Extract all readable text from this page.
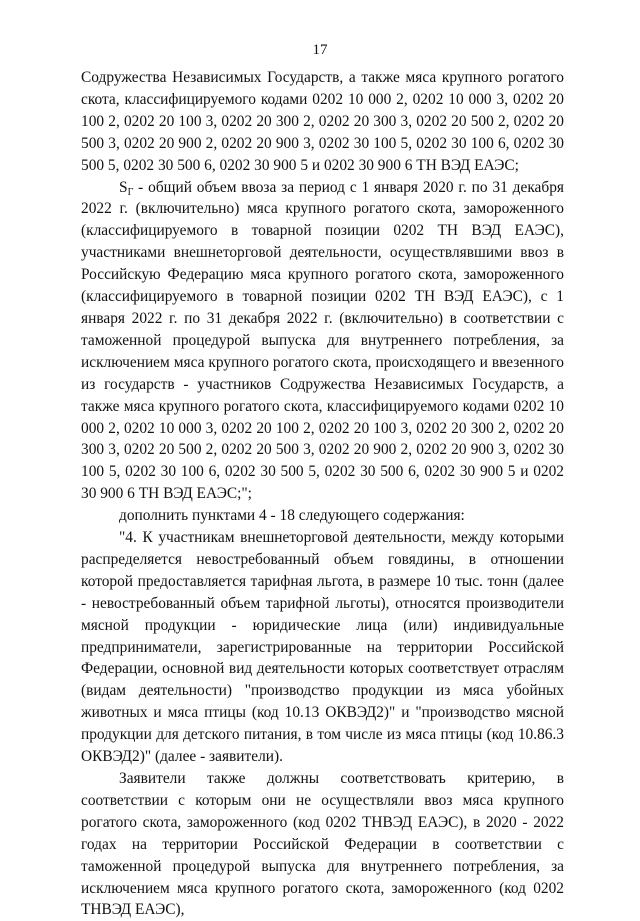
17

Содружества Независимых Государств, а также мяса крупного рогатого скота, классифицируемого кодами 0202 10 000 2, 0202 10 000 3, 0202 20 100 2, 0202 20 100 3, 0202 20 300 2, 0202 20 300 3, 0202 20 500 2, 0202 20 500 3, 0202 20 900 2, 0202 20 900 3, 0202 30 100 5, 0202 30 100 6, 0202 30 500 5, 0202 30 500 6, 0202 30 900 5 и 0202 30 900 6 ТН ВЭД ЕАЭС;

$S_Г$ - общий объем ввоза за период с 1 января 2020 г. по 31 декабря 2022 г. (включительно) мяса крупного рогатого скота, замороженного (классифицируемого в товарной позиции 0202 ТН ВЭД ЕАЭС), участниками внешнеторговой деятельности, осуществлявшими ввоз в Российскую Федерацию мяса крупного рогатого скота, замороженного (классифицируемого в товарной позиции 0202 ТН ВЭД ЕАЭС), с 1 января 2022 г. по 31 декабря 2022 г. (включительно) в соответствии с таможенной процедурой выпуска для внутреннего потребления, за исключением мяса крупного рогатого скота, происходящего и ввезенного из государств - участников Содружества Независимых Государств, а также мяса крупного рогатого скота, классифицируемого кодами 0202 10 000 2, 0202 10 000 3, 0202 20 100 2, 0202 20 100 3, 0202 20 300 2, 0202 20 300 3, 0202 20 500 2, 0202 20 500 3, 0202 20 900 2, 0202 20 900 3, 0202 30 100 5, 0202 30 100 6, 0202 30 500 5, 0202 30 500 6, 0202 30 900 5 и 0202 30 900 6 ТН ВЭД ЕАЭС;";

дополнить пунктами 4 - 18 следующего содержания:

"4. К участникам внешнеторговой деятельности, между которыми распределяется невостребованный объем говядины, в отношении которой предоставляется тарифная льгота, в размере 10 тыс. тонн (далее - невостребованный объем тарифной льготы), относятся производители мясной продукции - юридические лица (или) индивидуальные предприниматели, зарегистрированные на территории Российской Федерации, основной вид деятельности которых соответствует отраслям (видам деятельности) "производство продукции из мяса убойных животных и мяса птицы (код 10.13 ОКВЭД2)" и "производство мясной продукции для детского питания, в том числе из мяса птицы (код 10.86.3 ОКВЭД2)" (далее - заявители).

Заявители также должны соответствовать критерию, в соответствии с которым они не осуществляли ввоз мяса крупного рогатого скота, замороженного (код 0202 ТНВЭД ЕАЭС), в 2020 - 2022 годах на территории Российской Федерации в соответствии с таможенной процедурой выпуска для внутреннего потребления, за исключением мяса крупного рогатого скота, замороженного (код 0202 ТНВЭД ЕАЭС),
